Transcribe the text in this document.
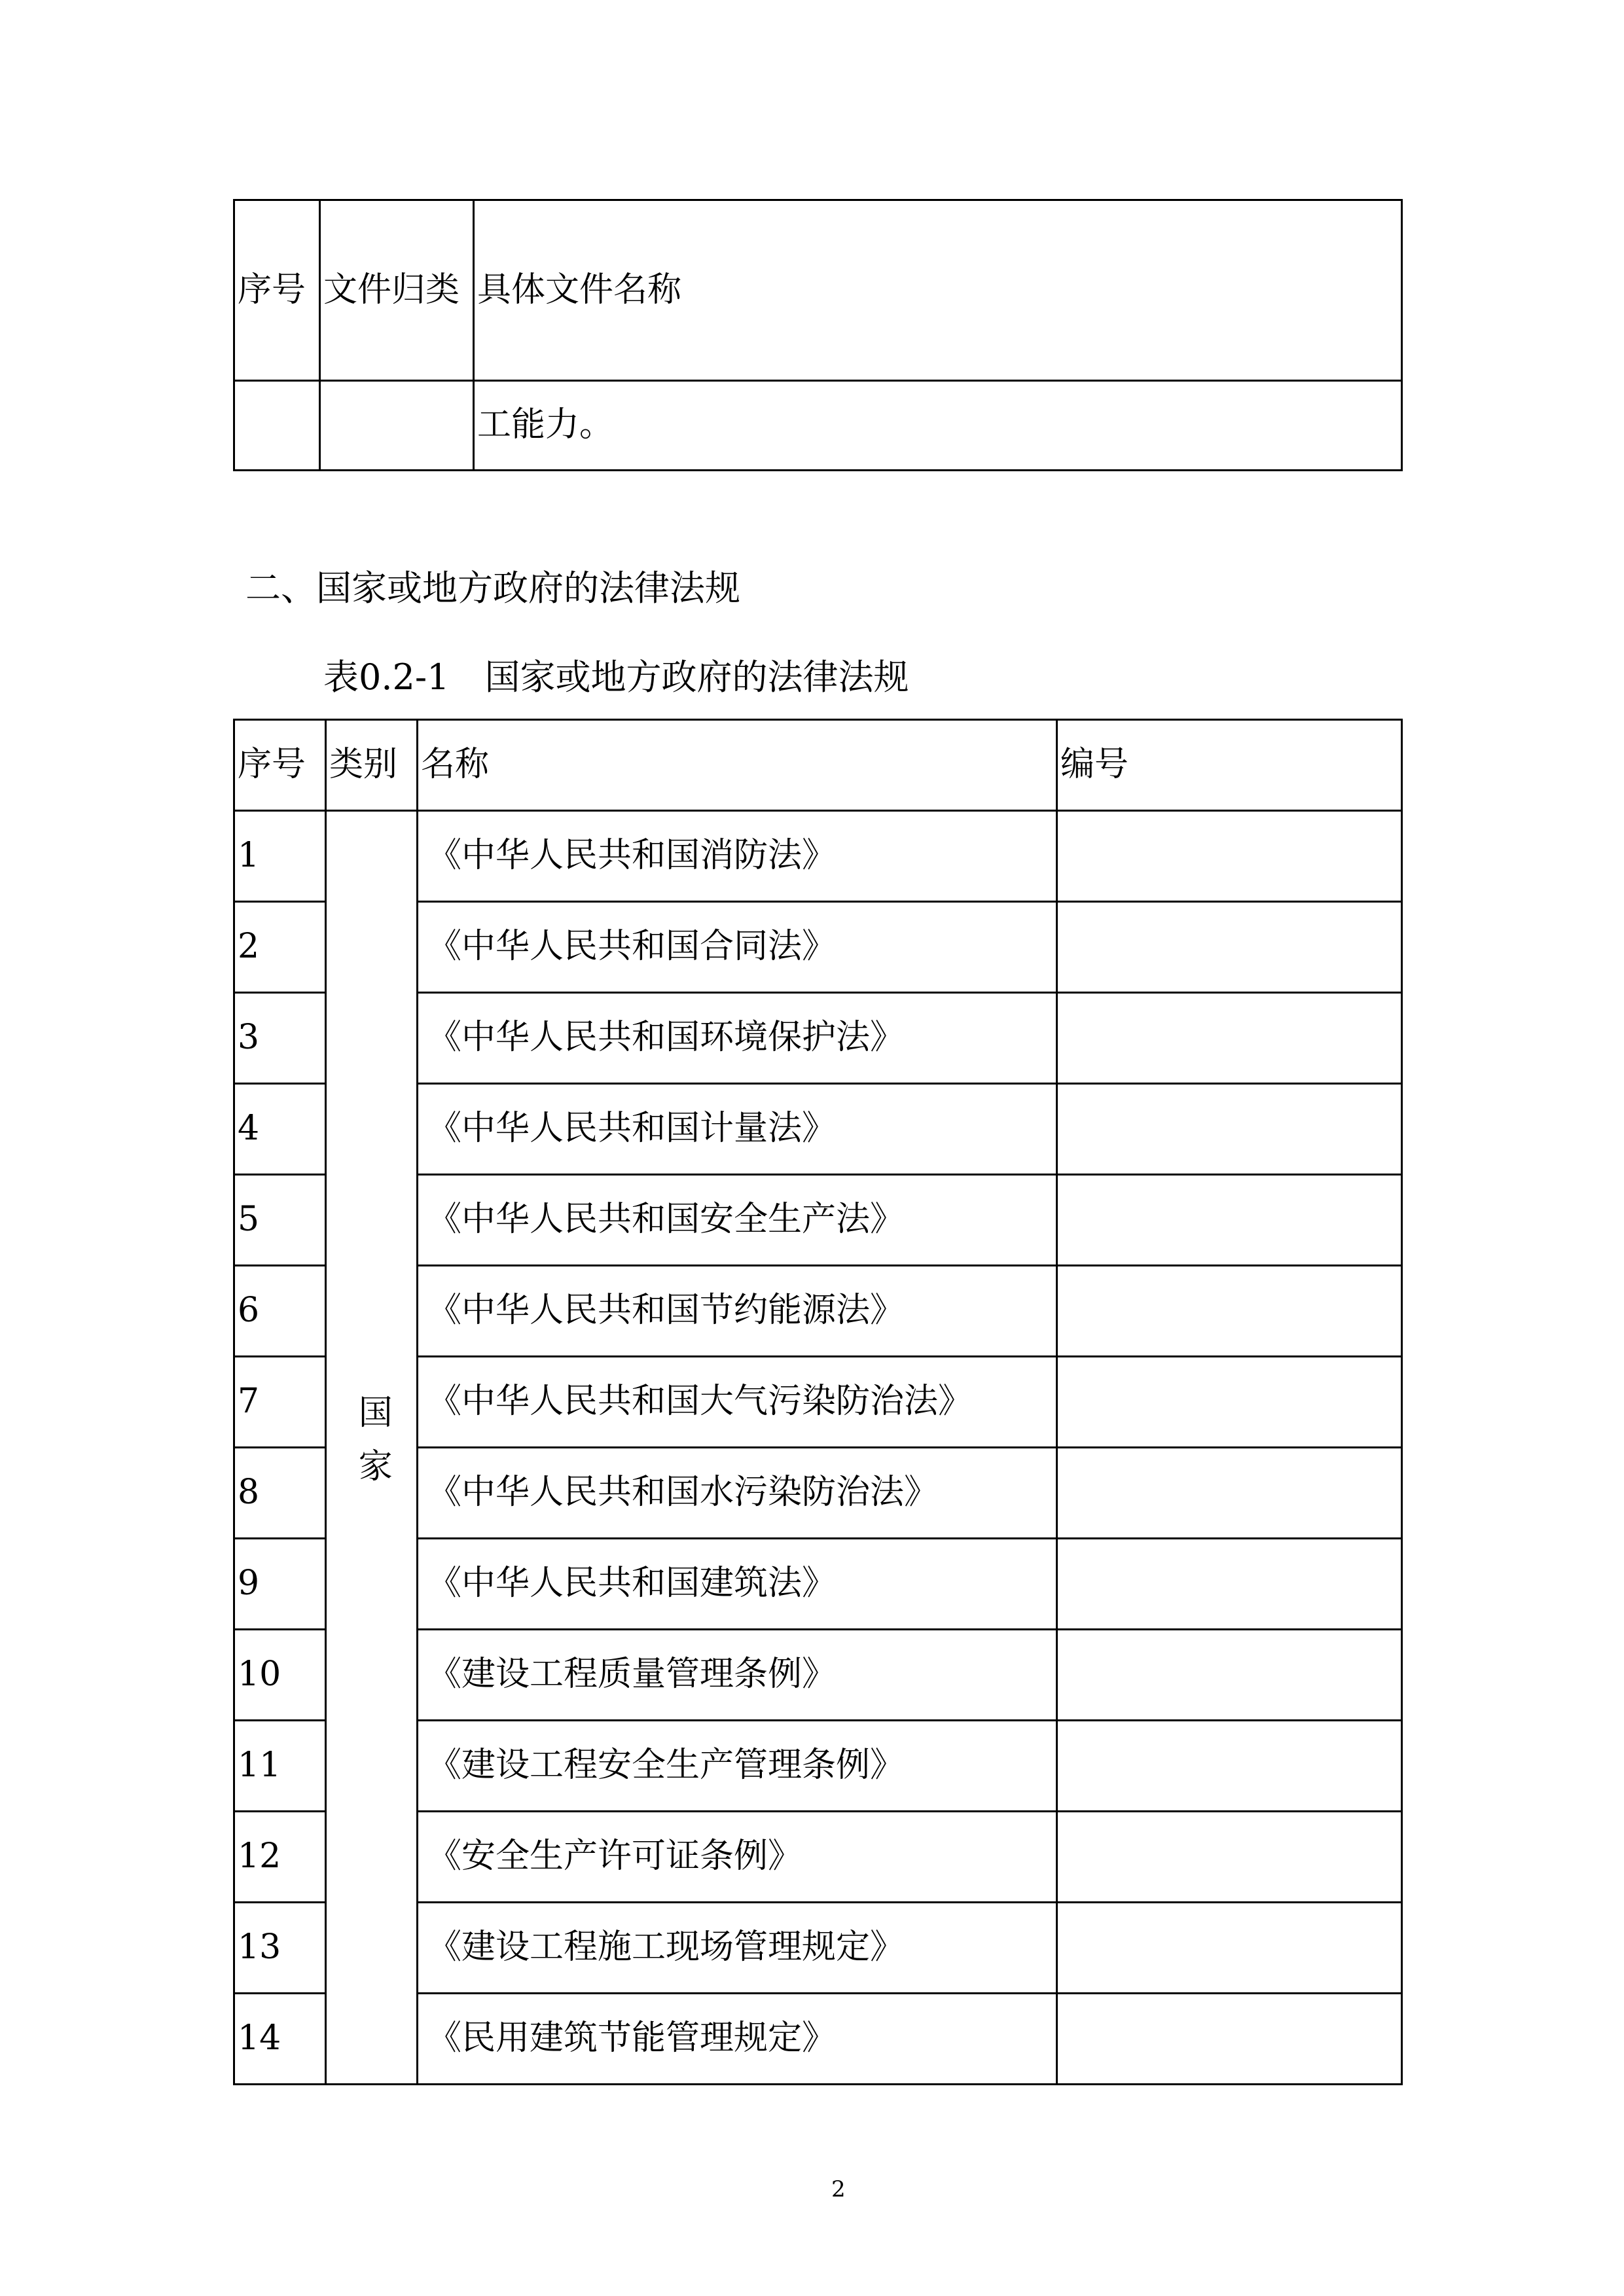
序号	文件归类	具体文件名称
		工能力。
二、国家或地方政府的法律法规
表0.2-1　国家或地方政府的法律法规
序号	类别	名称	编号
1	国家	《中华人民共和国消防法》	
2		《中华人民共和国合同法》	
3		《中华人民共和国环境保护法》	
4		《中华人民共和国计量法》	
5		《中华人民共和国安全生产法》	
6		《中华人民共和国节约能源法》	
7		《中华人民共和国大气污染防治法》	
8		《中华人民共和国水污染防治法》	
9		《中华人民共和国建筑法》	
10		《建设工程质量管理条例》	
11		《建设工程安全生产管理条例》	
12		《安全生产许可证条例》	
13		《建设工程施工现场管理规定》	
14		《民用建筑节能管理规定》	
2
